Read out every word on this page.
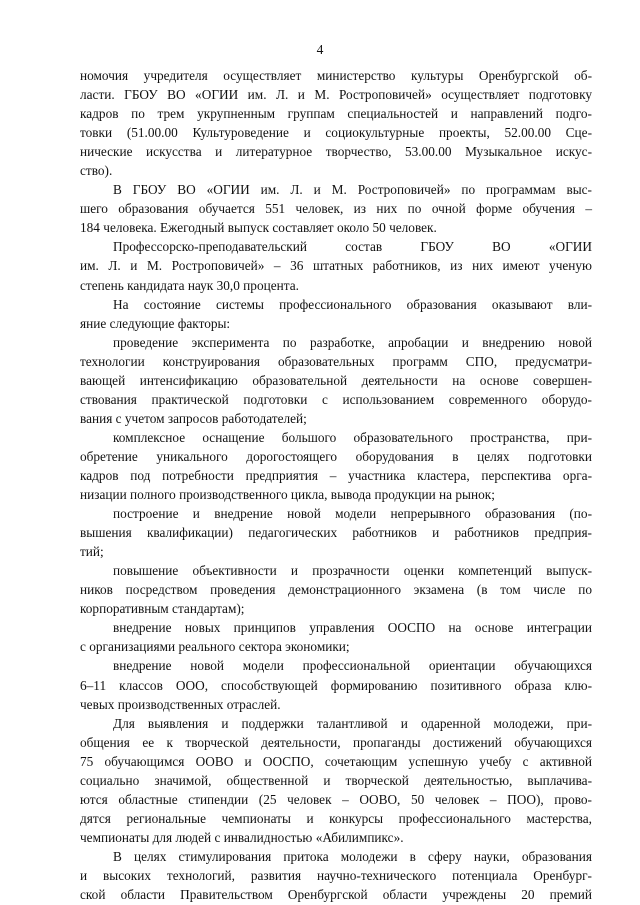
4
номочия учредителя осуществляет министерство культуры Оренбургской об-
ласти. ГБОУ ВО «ОГИИ им. Л. и М. Ростроповичей» осуществляет подготовку
кадров по трем укрупненным группам специальностей и направлений подго-
товки (51.00.00 Культуроведение и социокультурные проекты, 52.00.00 Сце-
нические искусства и литературное творчество, 53.00.00 Музыкальное искус-
ство).
В ГБОУ ВО «ОГИИ им. Л. и М. Ростроповичей» по программам выс-
шего образования обучается 551 человек, из них по очной форме обучения –
184 человека. Ежегодный выпуск составляет около 50 человек.
Профессорско-преподавательский состав ГБОУ ВО «ОГИИ
им. Л. и М. Ростроповичей» – 36 штатных работников, из них имеют ученую
степень кандидата наук 30,0 процента.
На состояние системы профессионального образования оказывают вли-
яние следующие факторы:
проведение эксперимента по разработке, апробации и внедрению новой
технологии конструирования образовательных программ СПО, предусматри-
вающей интенсификацию образовательной деятельности на основе совершен-
ствования практической подготовки с использованием современного оборудо-
вания с учетом запросов работодателей;
комплексное оснащение большого образовательного пространства, при-
обретение уникального дорогостоящего оборудования в целях подготовки
кадров под потребности предприятия – участника кластера, перспектива орга-
низации полного производственного цикла, вывода продукции на рынок;
построение и внедрение новой модели непрерывного образования (по-
вышения квалификации) педагогических работников и работников предприя-
тий;
повышение объективности и прозрачности оценки компетенций выпуск-
ников посредством проведения демонстрационного экзамена (в том числе по
корпоративным стандартам);
внедрение новых принципов управления ООСПО на основе интеграции
с организациями реального сектора экономики;
внедрение новой модели профессиональной ориентации обучающихся
6–11 классов ООО, способствующей формированию позитивного образа клю-
чевых производственных отраслей.
Для выявления и поддержки талантливой и одаренной молодежи, при-
общения ее к творческой деятельности, пропаганды достижений обучающихся
75 обучающимся ООВО и ООСПО, сочетающим успешную учебу с активной
социально значимой, общественной и творческой деятельностью, выплачива-
ются областные стипендии (25 человек – ООВО, 50 человек – ПОО), прово-
дятся региональные чемпионаты и конкурсы профессионального мастерства,
чемпионаты для людей с инвалидностью «Абилимпикс».
В целях стимулирования притока молодежи в сферу науки, образования
и высоких технологий, развития научно-технического потенциала Оренбург-
ской области Правительством Оренбургской области учреждены 20 премий
